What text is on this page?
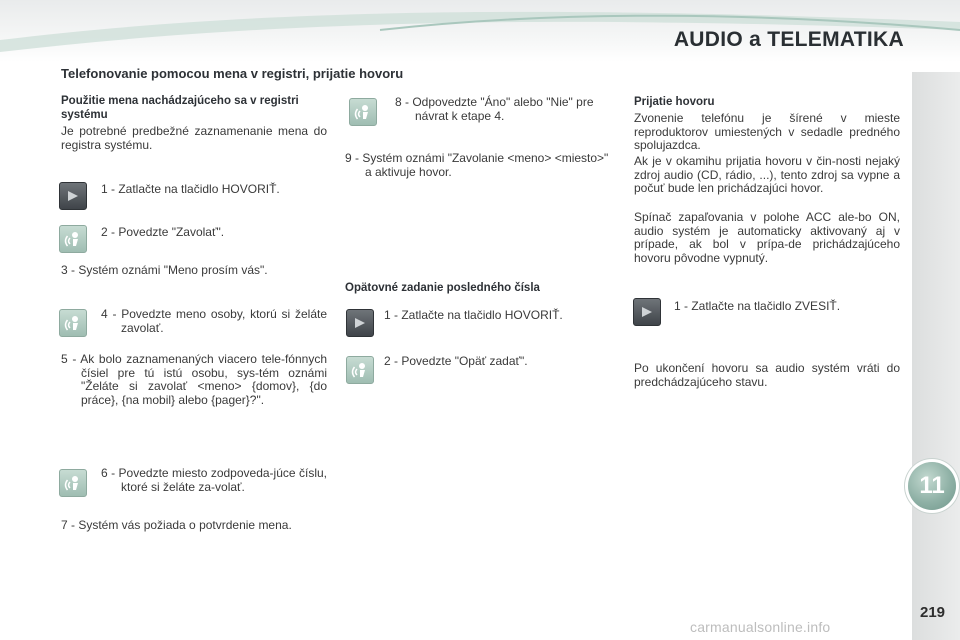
AUDIO a TELEMATIKA
11
219
carmanualsonline.info
Telefonovanie pomocou mena v registri, prijatie hovoru
Použitie mena nachádzajúceho sa v registri systému
Je potrebné predbežné zaznamenanie mena do registra systému.
1 - Zatlačte na tlačidlo HOVORIŤ.
2 - Povedzte "Zavolať".
3 - Systém oznámi "Meno prosím vás".
4 - Povedzte meno osoby, ktorú si želáte zavolať.
5 - Ak bolo zaznamenaných viacero tele-fónnych čísiel pre tú istú osobu, sys-tém oznámi "Želáte si zavolať <meno> {domov}, {do práce}, {na mobil} alebo {pager}?".
6 - Povedzte miesto zodpoveda-júce číslu, ktoré si želáte za-volať.
7 - Systém vás požiada o potvrdenie mena.
8 - Odpovedzte "Áno" alebo "Nie" pre návrat k etape 4.
9 - Systém oznámi "Zavolanie <meno> <miesto>" a aktivuje hovor.
Opätovné zadanie posledného čísla
1 - Zatlačte na tlačidlo HOVORIŤ.
2 - Povedzte "Opäť zadať".
Prijatie hovoru
Zvonenie telefónu je šírené v mieste reproduktorov umiestených v sedadle predného spolujazdca.
Ak je v okamihu prijatia hovoru v čin-nosti nejaký zdroj audio (CD, rádio, ...), tento zdroj sa vypne a počuť bude len prichádzajúci hovor.
Spínač zapaľovania v polohe ACC ale-bo ON, audio systém je automaticky aktivovaný aj v prípade, ak bol v prípa-de prichádzajúceho hovoru pôvodne vypnutý.
1 - Zatlačte na tlačidlo ZVESIŤ.
Po ukončení hovoru sa audio systém vráti do predchádzajúceho stavu.
